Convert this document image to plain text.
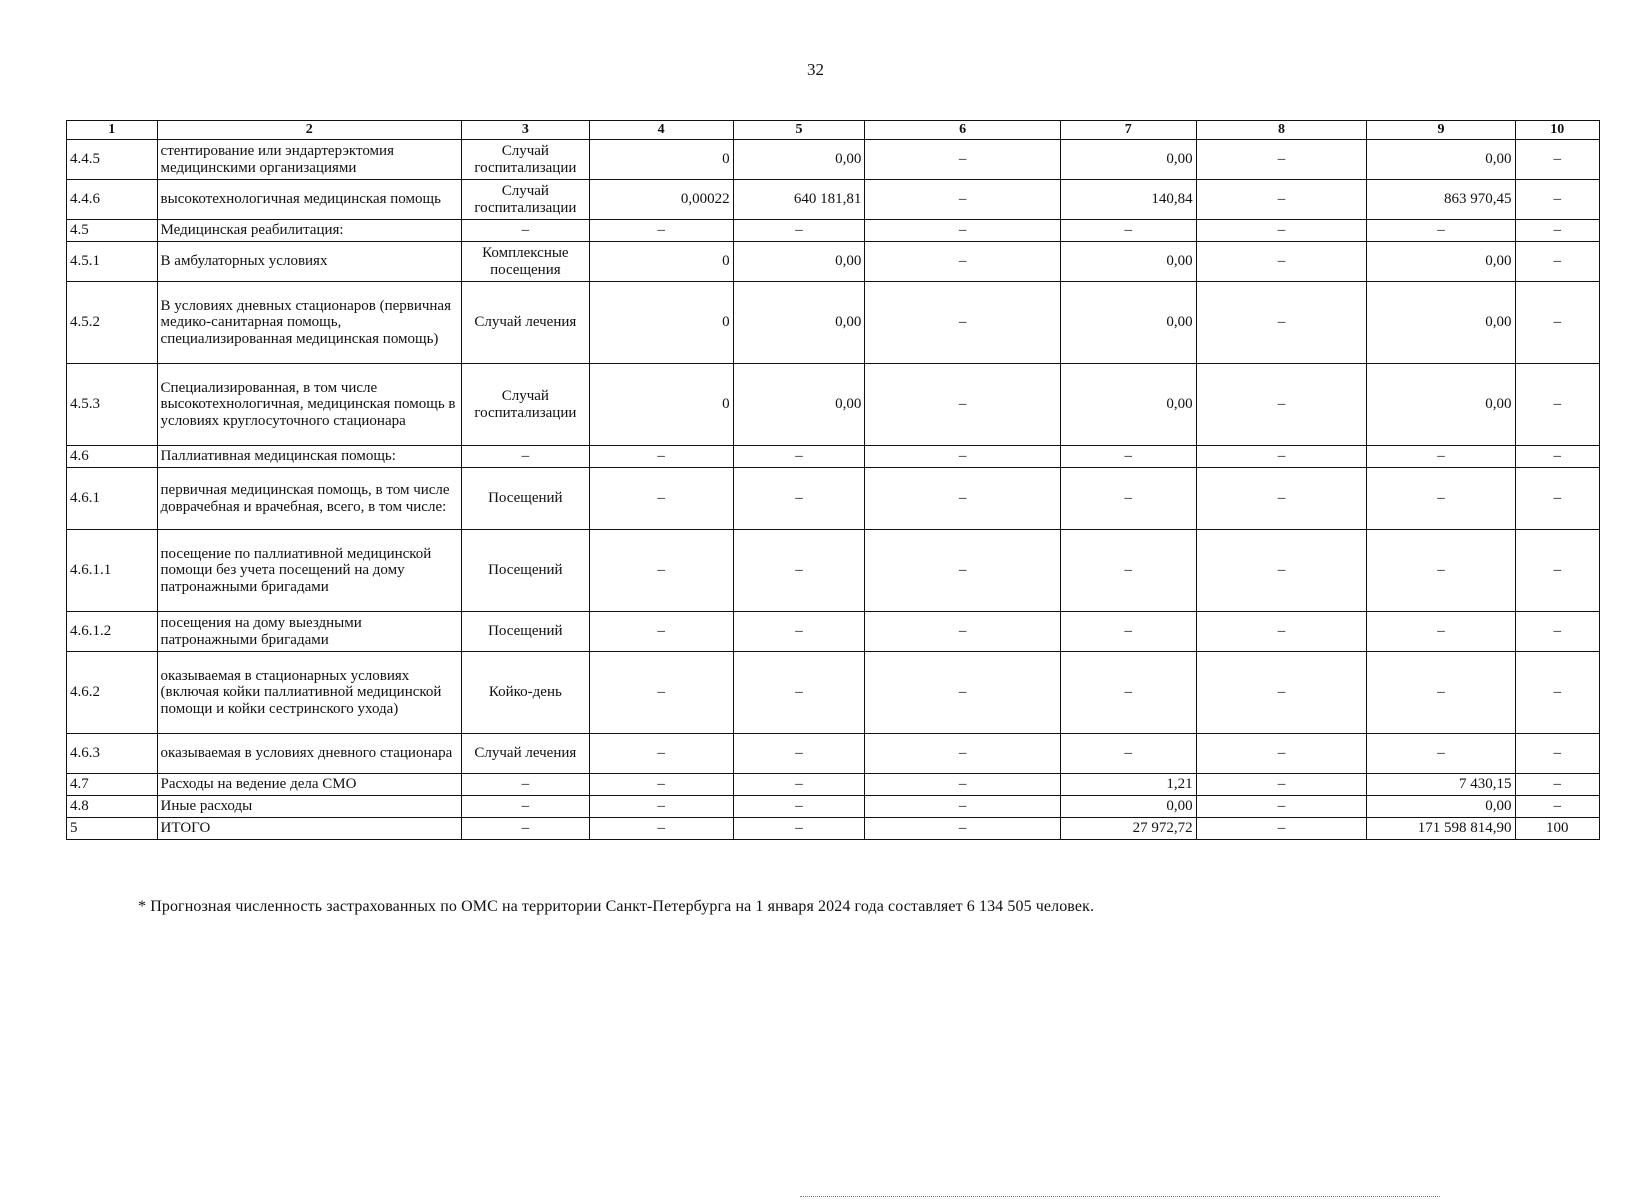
32
1	2	3	4	5	6	7	8	9	10
4.4.5	стентирование или эндартерэктомия медицинскими организациями	Случай госпитализации	0	0,00	–	0,00	–	0,00	–
4.4.6	высокотехнологичная медицинская помощь	Случай госпитализации	0,00022	640 181,81	–	140,84	–	863 970,45	–
4.5	Медицинская реабилитация:	–	–	–	–	–	–	–	–
4.5.1	В амбулаторных условиях	Комплексные посещения	0	0,00	–	0,00	–	0,00	–
4.5.2	В условиях дневных стационаров (первичная медико-санитарная помощь, специализированная медицинская помощь)	Случай лечения	0	0,00	–	0,00	–	0,00	–
4.5.3	Специализированная, в том числе высокотехнологичная, медицинская помощь в условиях круглосуточного стационара	Случай госпитализации	0	0,00	–	0,00	–	0,00	–
4.6	Паллиативная медицинская помощь:	–	–	–	–	–	–	–	–
4.6.1	первичная медицинская помощь, в том числе доврачебная и врачебная, всего, в том числе:	Посещений	–	–	–	–	–	–	–
4.6.1.1	посещение по паллиативной медицинской помощи без учета посещений на дому патронажными бригадами	Посещений	–	–	–	–	–	–	–
4.6.1.2	посещения на дому выездными патронажными бригадами	Посещений	–	–	–	–	–	–	–
4.6.2	оказываемая в стационарных условиях (включая койки паллиативной медицинской помощи и койки сестринского ухода)	Койко-день	–	–	–	–	–	–	–
4.6.3	оказываемая в условиях дневного стационара	Случай лечения	–	–	–	–	–	–	–
4.7	Расходы на ведение дела СМО	–	–	–	–	1,21	–	7 430,15	–
4.8	Иные расходы	–	–	–	–	0,00	–	0,00	–
5	ИТОГО	–	–	–	–	27 972,72	–	171 598 814,90	100
* Прогнозная численность застрахованных по ОМС на территории Санкт-Петербурга на 1 января 2024 года составляет 6 134 505 человек.
